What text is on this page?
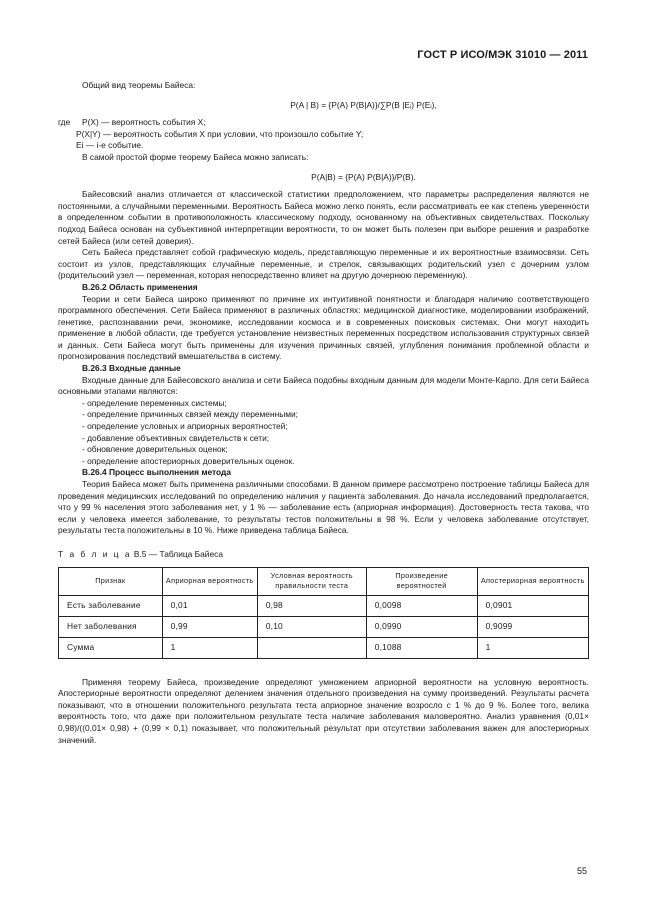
ГОСТ Р ИСО/МЭК 31010 — 2011

Общий вид теоремы Байеса:

P(A | B) = {P(A) P(B|A)}/∑P(B |Eᵢ) P(Eᵢ),

где	P(X) — вероятность события X;

P(X|Y) — вероятность события X при условии, что произошло событие Y;

Ei — i-е событие.

В самой простой форме теорему Байеса можно записать:

P(A|B) = {P(A) P(B|A)}/P(B).

Байесовский анализ отличается от классической статистики предположением, что параметры распределения являются не постоянными, а случайными переменными. Вероятность Байеса можно легко понять, если рассматривать ее как степень уверенности в определенном событии в противоположность классическому подходу, основанному на объективных свидетельствах. Поскольку подход Байеса основан на субъективной интерпретации вероятности, то он может быть полезен при выборе решения и разработке сетей Байеса (или сетей доверия).

Сеть Байеса представляет собой графическую модель, представляющую переменные и их вероятностные взаимосвязи. Сеть состоит из узлов, представляющих случайные переменные, и стрелок, связывающих родительский узел с дочерним узлом (родительский узел — переменная, которая непосредственно влияет на другую дочернюю переменную).

B.26.2 Область применения

Теории и сети Байеса широко применяют по причине их интуитивной понятности и благодаря наличию соответствующего программного обеспечения. Сети Байеса применяют в различных областях: медицинской диагностике, моделировании изображений, генетике, распознавании речи, экономике, исследовании космоса и в современных поисковых системах. Они могут находить применение в любой области, где требуется установление неизвестных переменных посредством использования структурных связей и данных. Сети Байеса могут быть применены для изучения причинных связей, углубления понимания проблемной области и прогнозирования последствий вмешательства в систему.

B.26.3 Входные данные

Входные данные для Байесовского анализа и сети Байеса подобны входным данным для модели Монте-Карло. Для сети Байеса основными этапами являются:

- определение переменных системы;

- определение причинных связей между переменными;

- определение условных и априорных вероятностей;

- добавление объективных свидетельств к сети;

- обновление доверительных оценок;

- определение апостериорных доверительных оценок.

B.26.4 Процесс выполнения метода

Теория Байеса может быть применена различными способами. В данном примере рассмотрено построение таблицы Байеса для проведения медицинских исследований по определению наличия у пациента заболевания. До начала исследований предполагается, что у 99 % населения этого заболевания нет, у 1 % — заболевание есть (априорная информация). Достоверность теста такова, что если у человека имеется заболевание, то результаты тестов положительны в 98 %. Если у человека заболевание отсутствует, результаты теста положительны в 10 %. Ниже приведена таблица Байеса.

Т а б л и ц а B.5 — Таблица Байеса

Признак	Априорная вероятность	Условная вероятность правильности теста	Произведение вероятностей	Апостериорная вероятность
Есть заболевание	0,01	0,98	0,0098	0,0901
Нет заболевания	0,99	0,10	0,0990	0,9099
Сумма	1		0,1088	1

Применяя теорему Байеса, произведение определяют умножением априорной вероятности на условную вероятность. Апостериорные вероятности определяют делением значения отдельного произведения на сумму произведений. Результаты расчета показывают, что в отношении положительного результата теста априорное значение возросло с 1 % до 9 %. Более того, велика вероятность того, что даже при положительном результате теста наличие заболевания маловероятно. Анализ уравнения (0,01× 0,98)/((0,01× 0,98) + (0,99 × 0,1) показывает, что положительный результат при отсутствии заболевания важен для апостериорных значений.

55
